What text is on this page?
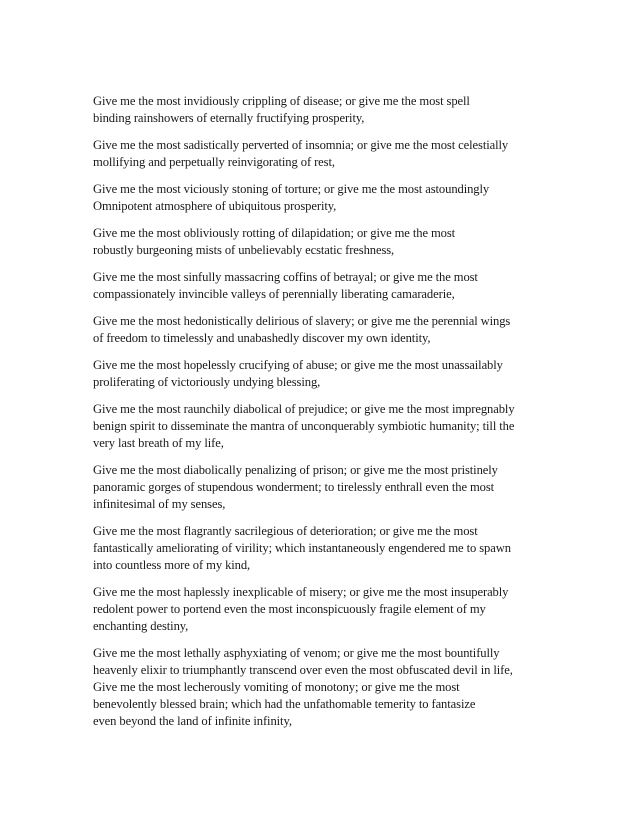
Give me the most invidiously crippling of disease; or give me the most spell
binding rainshowers of eternally fructifying prosperity,
Give me the most sadistically perverted of insomnia; or give me the most celestially
mollifying and perpetually reinvigorating of rest,
Give me the most viciously stoning of torture; or give me the most astoundingly
Omnipotent atmosphere of ubiquitous prosperity,
Give me the most obliviously rotting of dilapidation; or give me the most
robustly burgeoning mists of unbelievably ecstatic freshness,
Give me the most sinfully massacring coffins of betrayal; or give me the most
compassionately invincible valleys of perennially liberating camaraderie,
Give me the most hedonistically delirious of slavery; or give me the perennial wings
of freedom to timelessly and unabashedly discover my own identity,
Give me the most hopelessly crucifying of abuse; or give me the most unassailably
proliferating of victoriously undying blessing,
Give me the most raunchily diabolical of prejudice; or give me the most impregnably
benign spirit to disseminate the mantra of unconquerably symbiotic humanity; till the
very last breath of my life,
Give me the most diabolically penalizing of prison; or give me the most pristinely
panoramic gorges of stupendous wonderment; to tirelessly enthrall even the most
infinitesimal of my senses,
Give me the most flagrantly sacrilegious of deterioration; or give me the most
fantastically ameliorating of virility; which instantaneously engendered me to spawn
into countless more of my kind,
Give me the most haplessly inexplicable of misery; or give me the most insuperably
redolent power to portend even the most inconspicuously fragile element of my
enchanting destiny,
Give me the most lethally asphyxiating of venom; or give me the most bountifully
heavenly elixir to triumphantly transcend over even the most obfuscated devil in life,
Give me the most lecherously vomiting of monotony; or give me the most
benevolently blessed brain; which had the unfathomable temerity to fantasize
even beyond the land of infinite infinity,
